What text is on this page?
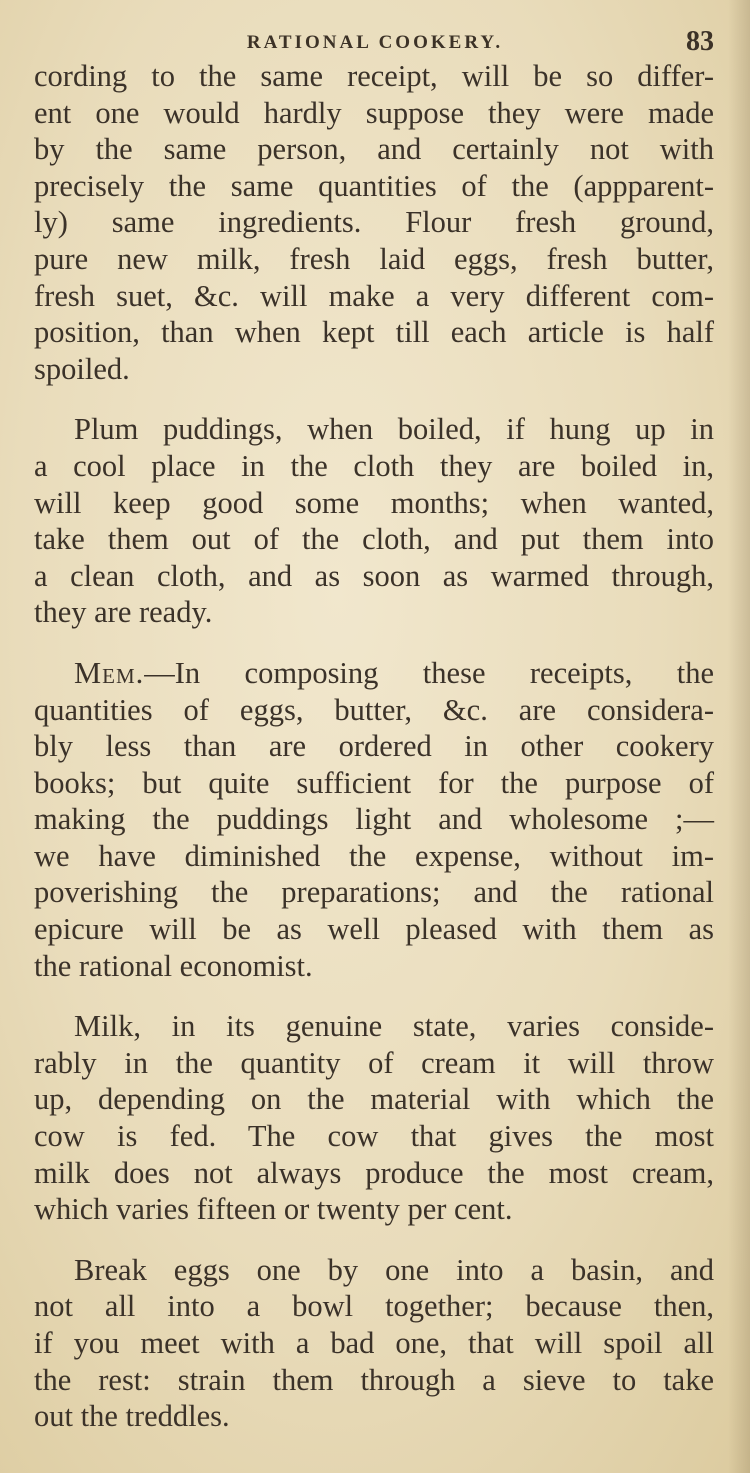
RATIONAL COOKERY.	83
cording to the same receipt, will be so differ-
ent one would hardly suppose they were made
by the same person, and certainly not with
precisely the same quantities of the (appparent-
ly) same ingredients. Flour fresh ground,
pure new milk, fresh laid eggs, fresh butter,
fresh suet, &c. will make a very different com-
position, than when kept till each article is half
spoiled.
Plum puddings, when boiled, if hung up in
a cool place in the cloth they are boiled in,
will keep good some months; when wanted,
take them out of the cloth, and put them into
a clean cloth, and as soon as warmed through,
they are ready.
Mem.—In composing these receipts, the
quantities of eggs, butter, &c. are considera-
bly less than are ordered in other cookery
books; but quite sufficient for the purpose of
making the puddings light and wholesome ;—
we have diminished the expense, without im-
poverishing the preparations; and the rational
epicure will be as well pleased with them as
the rational economist.
Milk, in its genuine state, varies conside-
rably in the quantity of cream it will throw
up, depending on the material with which the
cow is fed. The cow that gives the most
milk does not always produce the most cream,
which varies fifteen or twenty per cent.
Break eggs one by one into a basin, and
not all into a bowl together; because then,
if you meet with a bad one, that will spoil all
the rest: strain them through a sieve to take
out the treddles.
